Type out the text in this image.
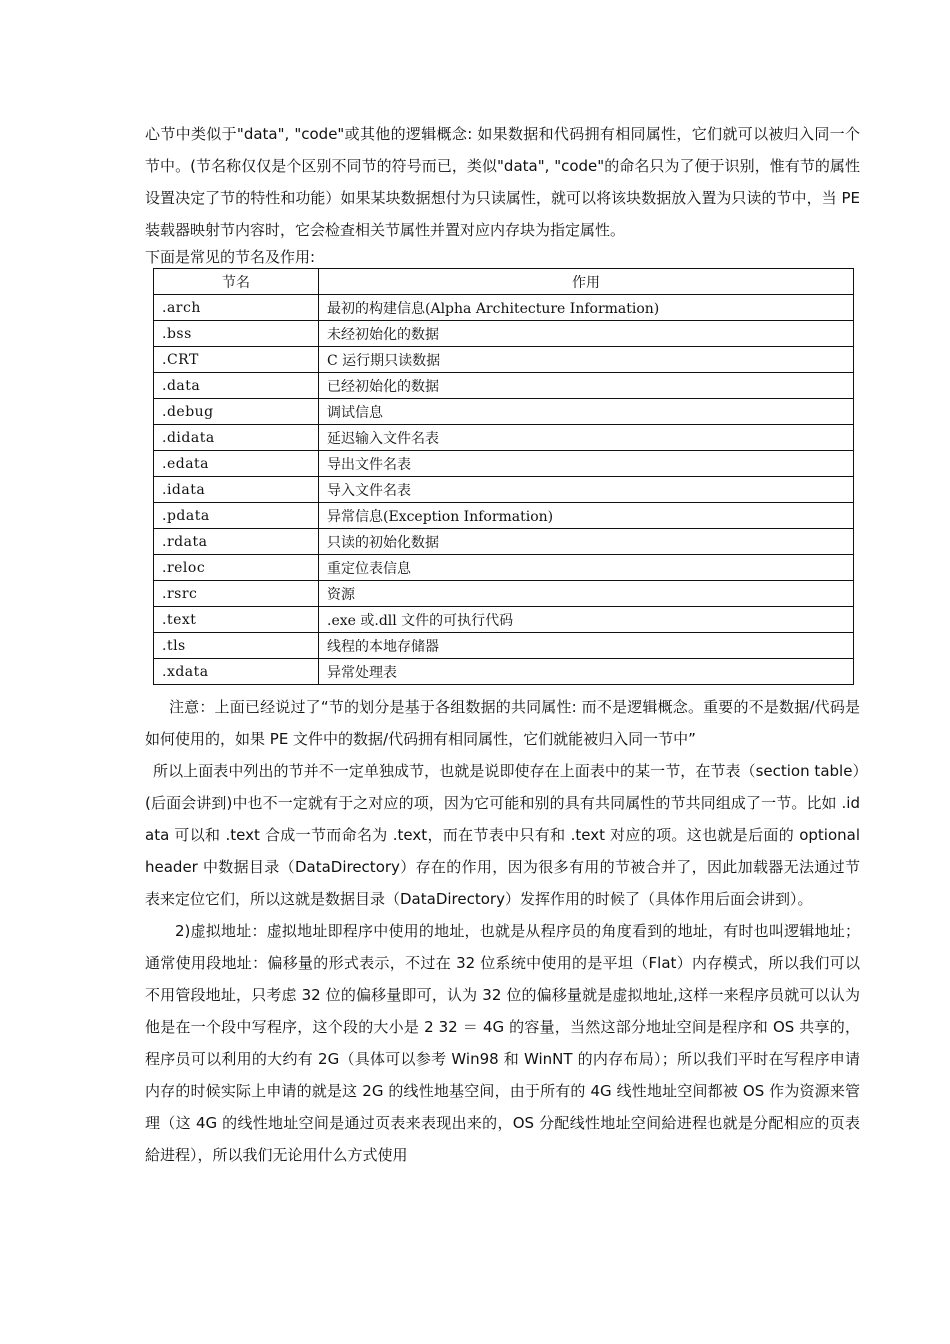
心节中类似于"data", "code"或其他的逻辑概念: 如果数据和代码拥有相同属性，它们就可以被归入同一个节中。(节名称仅仅是个区别不同节的符号而已，类似"data", "code"的命名只为了便于识别，惟有节的属性设置决定了节的特性和功能）如果某块数据想付为只读属性，就可以将该块数据放入置为只读的节中，当 PE 装载器映射节内容时，它会检查相关节属性并置对应内存块为指定属性。

下面是常见的节名及作用:

节名	作用
.arch	最初的构建信息(Alpha Architecture Information)
.bss	未经初始化的数据
.CRT	C 运行期只读数据
.data	已经初始化的数据
.debug	调试信息
.didata	延迟输入文件名表
.edata	导出文件名表
.idata	导入文件名表
.pdata	异常信息(Exception Information)
.rdata	只读的初始化数据
.reloc	重定位表信息
.rsrc	资源
.text	.exe 或.dll 文件的可执行代码
.tls	线程的本地存储器
.xdata	异常处理表

注意：上面已经说过了“节的划分是基于各组数据的共同属性: 而不是逻辑概念。重要的不是数据/代码是如何使用的，如果 PE 文件中的数据/代码拥有相同属性，它们就能被归入同一节中”

所以上面表中列出的节并不一定单独成节，也就是说即使存在上面表中的某一节，在节表（section table）(后面会讲到)中也不一定就有于之对应的项，因为它可能和别的具有共同属性的节共同组成了一节。比如 .idata 可以和 .text 合成一节而命名为 .text，而在节表中只有和 .text 对应的项。这也就是后面的 optional header 中数据目录（DataDirectory）存在的作用，因为很多有用的节被合并了，因此加载器无法通过节表来定位它们，所以这就是数据目录（DataDirectory）发挥作用的时候了（具体作用后面会讲到）。

2)虚拟地址：虚拟地址即程序中使用的地址，也就是从程序员的角度看到的地址，有时也叫逻辑地址；通常使用段地址：偏移量的形式表示，不过在 32 位系统中使用的是平坦（Flat）内存模式，所以我们可以不用管段地址，只考虑 32 位的偏移量即可，认为 32 位的偏移量就是虚拟地址,这样一来程序员就可以认为他是在一个段中写程序，这个段的大小是 2 32 ＝ 4G 的容量，当然这部分地址空间是程序和 OS 共享的，程序员可以利用的大约有 2G（具体可以参考 Win98 和 WinNT 的内存布局）；所以我们平时在写程序申请内存的时候实际上申请的就是这 2G 的线性地基空间，由于所有的 4G 线性地址空间都被 OS 作为资源来管理（这 4G 的线性地址空间是通过页表来表现出来的，OS 分配线性地址空间給进程也就是分配相应的页表給进程），所以我们无论用什么方式使用
